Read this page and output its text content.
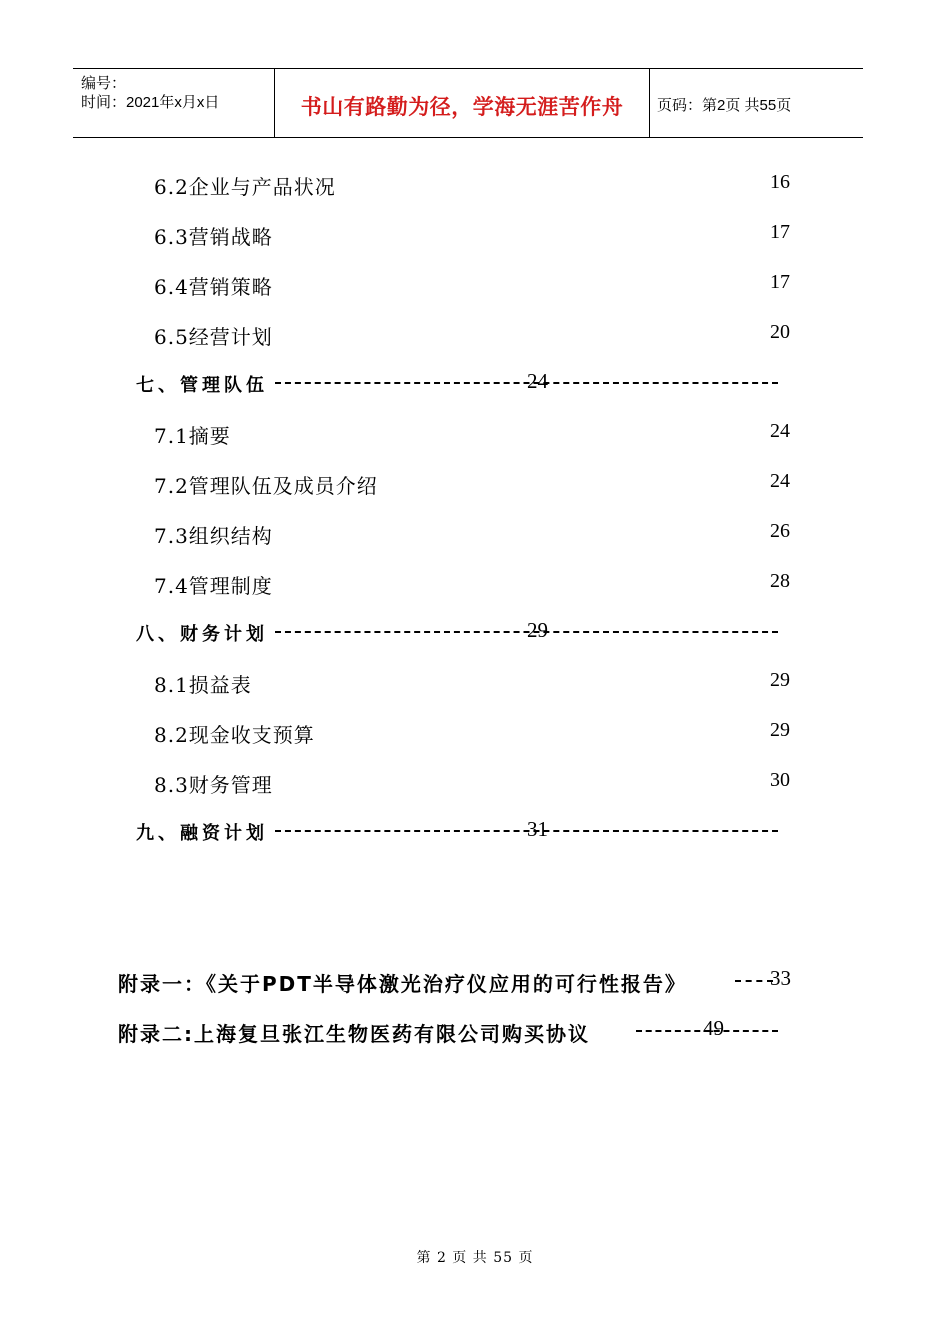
编号：
时间：2021年x月x日	书山有路勤为径，学海无涯苦作舟	页码：第2页 共55页
6.2企业与产品状况	16
6.3营销战略	17
6.4营销策略	17
6.5经营计划	20
七、管理队伍	24
7.1摘要	24
7.2管理队伍及成员介绍	24
7.3组织结构	26
7.4管理制度	28
八、财务计划	29
8.1损益表	29
8.2现金收支预算	29
8.3财务管理	30
九、融资计划	31
附录一：《关于PDT半导体激光治疗仪应用的可行性报告》	33
附录二:上海复旦张江生物医药有限公司购买协议	49
第 2 页 共 55 页
